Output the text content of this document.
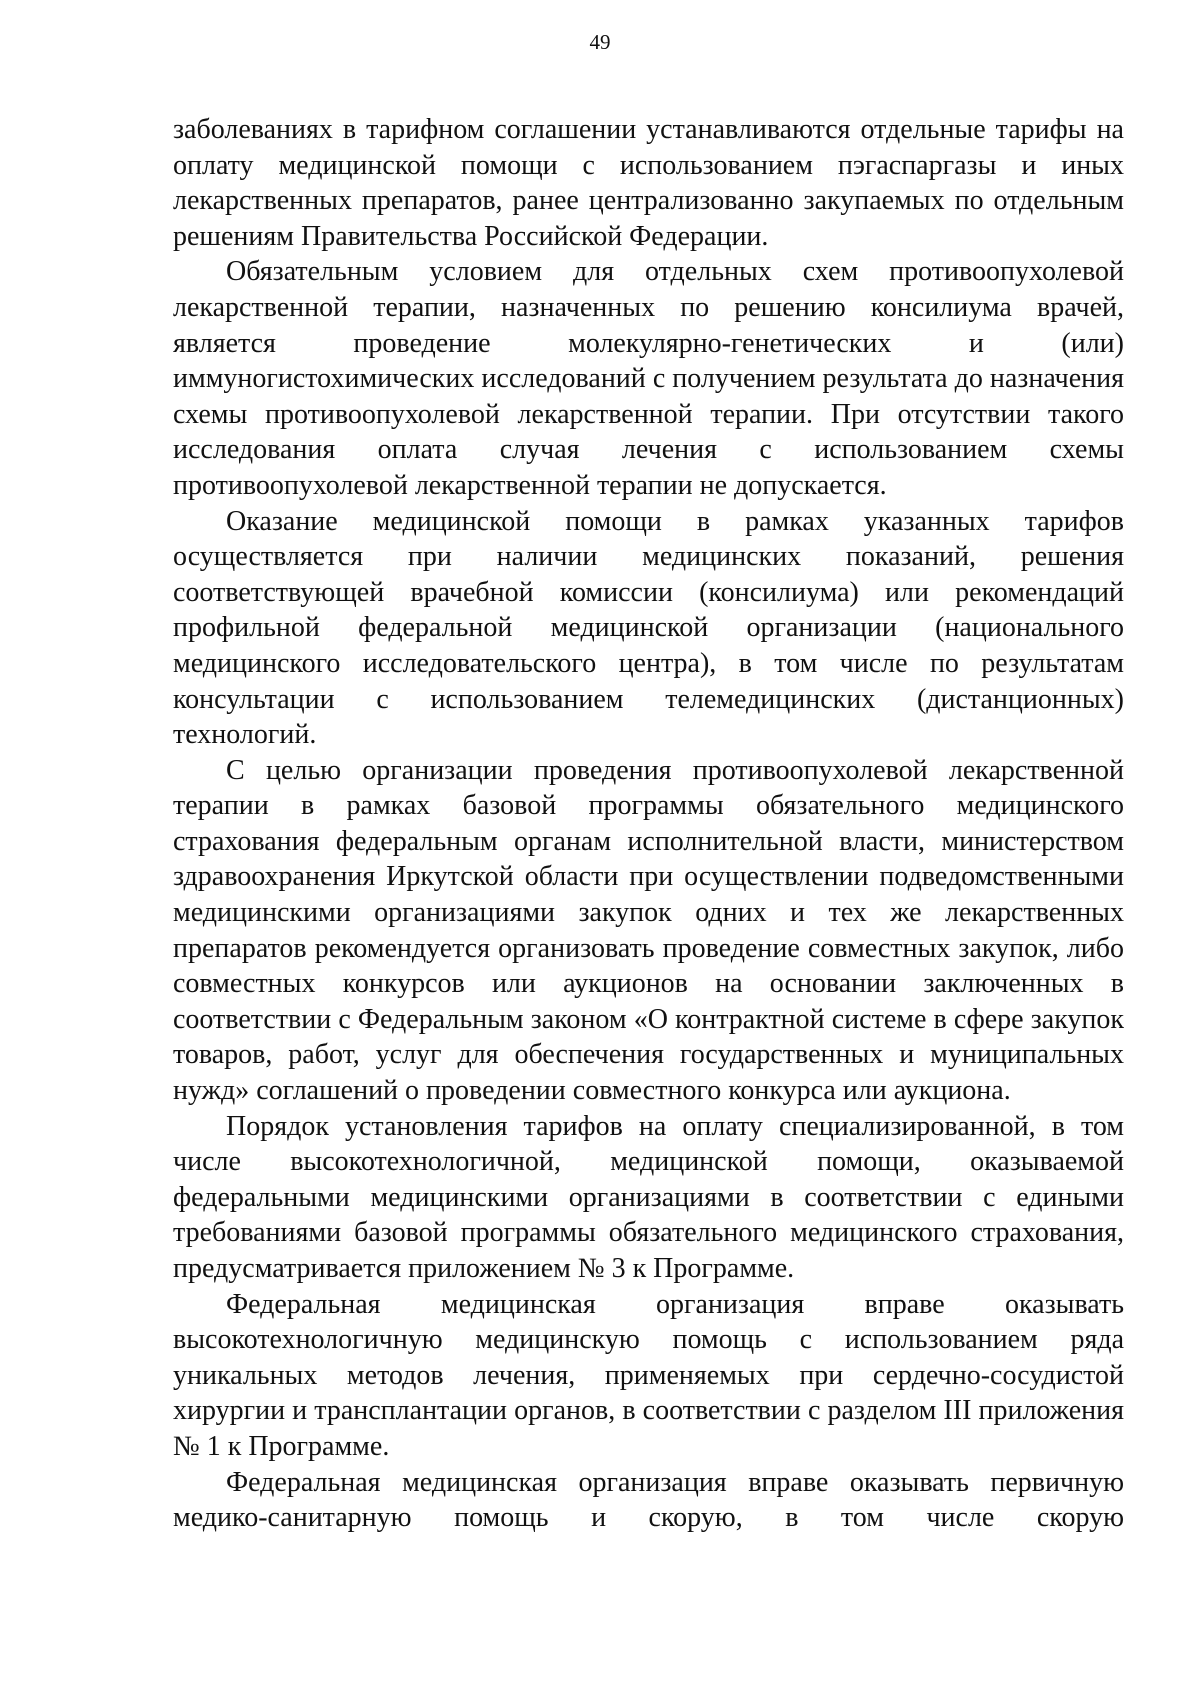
49

заболеваниях в тарифном соглашении устанавливаются отдельные тарифы на оплату медицинской помощи с использованием пэгаспаргазы и иных лекарственных препаратов, ранее централизованно закупаемых по отдельным решениям Правительства Российской Федерации.

Обязательным условием для отдельных схем противоопухолевой лекарственной терапии, назначенных по решению консилиума врачей, является проведение молекулярно-генетических и (или) иммуногистохимических исследований с получением результата до назначения схемы противоопухолевой лекарственной терапии. При отсутствии такого исследования оплата случая лечения с использованием схемы противоопухолевой лекарственной терапии не допускается.

Оказание медицинской помощи в рамках указанных тарифов осуществляется при наличии медицинских показаний, решения соответствующей врачебной комиссии (консилиума) или рекомендаций профильной федеральной медицинской организации (национального медицинского исследовательского центра), в том числе по результатам консультации с использованием телемедицинских (дистанционных) технологий.

С целью организации проведения противоопухолевой лекарственной терапии в рамках базовой программы обязательного медицинского страхования федеральным органам исполнительной власти, министерством здравоохранения Иркутской области при осуществлении подведомственными медицинскими организациями закупок одних и тех же лекарственных препаратов рекомендуется организовать проведение совместных закупок, либо совместных конкурсов или аукционов на основании заключенных в соответствии с Федеральным законом «О контрактной системе в сфере закупок товаров, работ, услуг для обеспечения государственных и муниципальных нужд» соглашений о проведении совместного конкурса или аукциона.

Порядок установления тарифов на оплату специализированной, в том числе высокотехнологичной, медицинской помощи, оказываемой федеральными медицинскими организациями в соответствии с едиными требованиями базовой программы обязательного медицинского страхования, предусматривается приложением № 3 к Программе.

Федеральная медицинская организация вправе оказывать высокотехнологичную медицинскую помощь с использованием ряда уникальных методов лечения, применяемых при сердечно-сосудистой хирургии и трансплантации органов, в соответствии с разделом III приложения № 1 к Программе.

Федеральная медицинская организация вправе оказывать первичную медико-санитарную помощь и скорую, в том числе скорую
